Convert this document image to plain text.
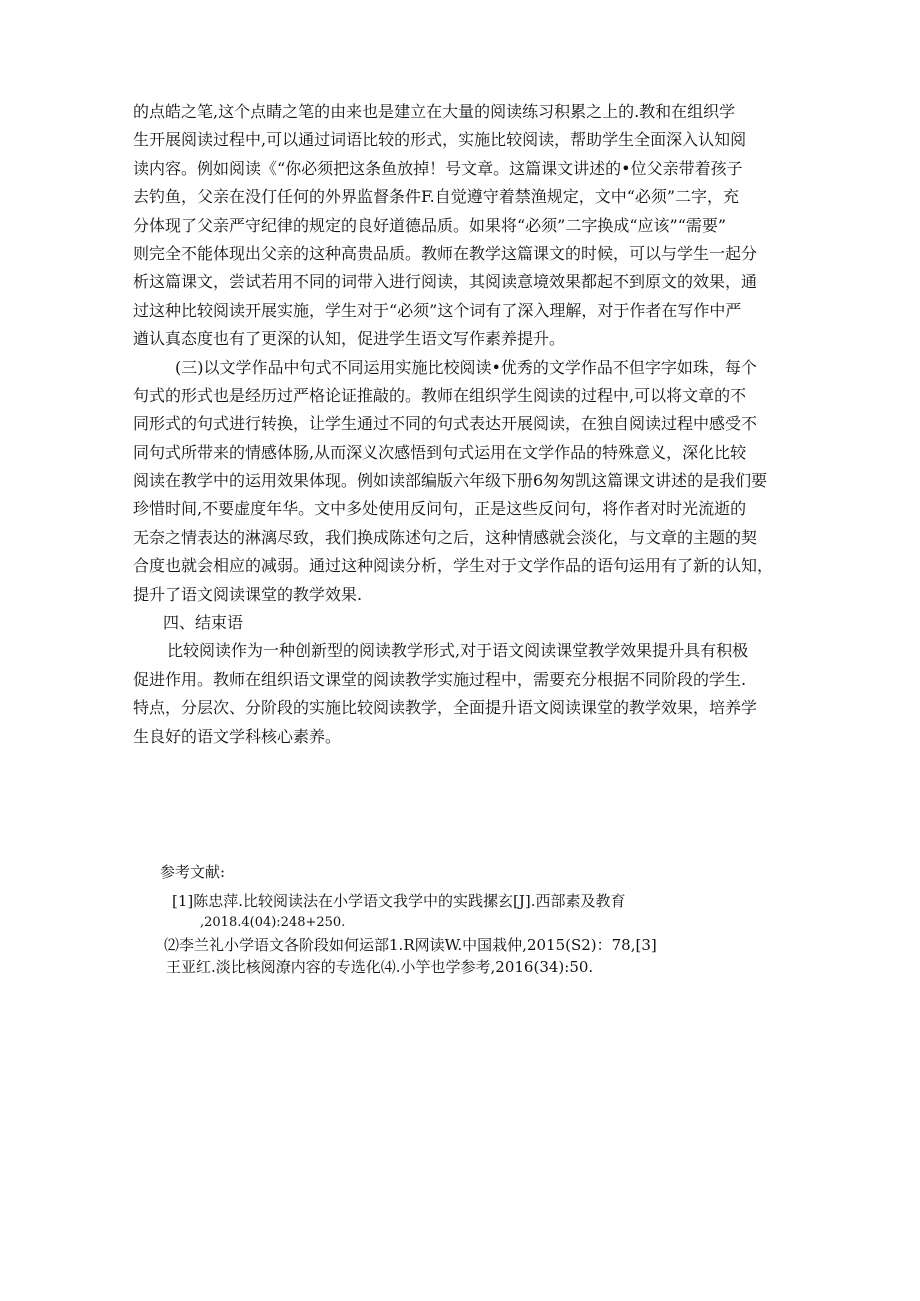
的点皓之笔,这个点睛之笔的由来也是建立在大量的阅读练习积累之上的.教和在组织学
生开展阅读过程中,可以通过词语比较的形式，实施比较阅读，帮助学生全面深入认知阅
读内容。例如阅读《“你必须把这条鱼放掉！号文章。这篇课文讲述的•位父亲带着孩子
去钓鱼，父亲在没仃任何的外界监督条件F.自觉遵守着禁渔规定，文中“必须”二字，充
分体现了父亲严守纪律的规定的良好道德品质。如果将“必须”二字换成“应该”“需要”
则完全不能体现出父亲的这种高贵品质。教师在教学这篇课文的时候，可以与学生一起分
析这篇课文，尝试若用不同的词带入进行阅读，其阅读意境效果都起不到原文的效果，通
过这种比较阅读开展实施，学生对于“必须”这个词有了深入理解，对于作者在写作中严
遒认真态度也有了更深的认知，促进学生语文写作素养提升。
(三)以文学作品中句式不同运用实施比校阅读•优秀的文学作品不但字字如珠，每个
句式的形式也是经历过严格论证推敲的。教师在组织学生阅读的过程中,可以将文章的不
同形式的句式进行转换，让学生通过不同的句式表达开展阅读，在独自阅读过程中感受不
同句式所带来的情感体肠,从而深义次感悟到句式运用在文学作品的特殊意义，深化比较
阅读在教学中的运用效果体现。例如读部编版六年级下册6匆匆凯这篇课文讲述的是我们要
珍惜时间,不要虚度年华。文中多处使用反问句，正是这些反问句，将作者对时光流逝的
无奈之情表达的淋漓尽致，我们换成陈述句之后，这种情感就会淡化，与文章的主题的契
合度也就会相应的减弱。通过这种阅读分析，学生对于文学作品的语句运用有了新的认知，
提升了语文阅读课堂的教学效果.
四、结束语
比较阅读作为一种创新型的阅读教学形式,对于语文阅读课堂教学效果提升具有积极
促进作用。教师在组织语文课堂的阅读教学实施过程中，需要充分根据不同阶段的学生.
特点，分层次、分阶段的实施比较阅读教学，全面提升语文阅读课堂的教学效果，培养学
生良好的语文学科核心素养。
参考文献:
[1]陈忠萍.比较阅读法在小学语文我学中的实践摞玄[J].西部素及教育
,2018.4(04):248+250.
⑵李兰礼小学语文各阶段如何运部1.R网读W.中国栽仲,2015(S2)：78,[3]
王亚红.淡比核阅潦内容的专选化⑷.小竽也学参考,2016(34):50.
